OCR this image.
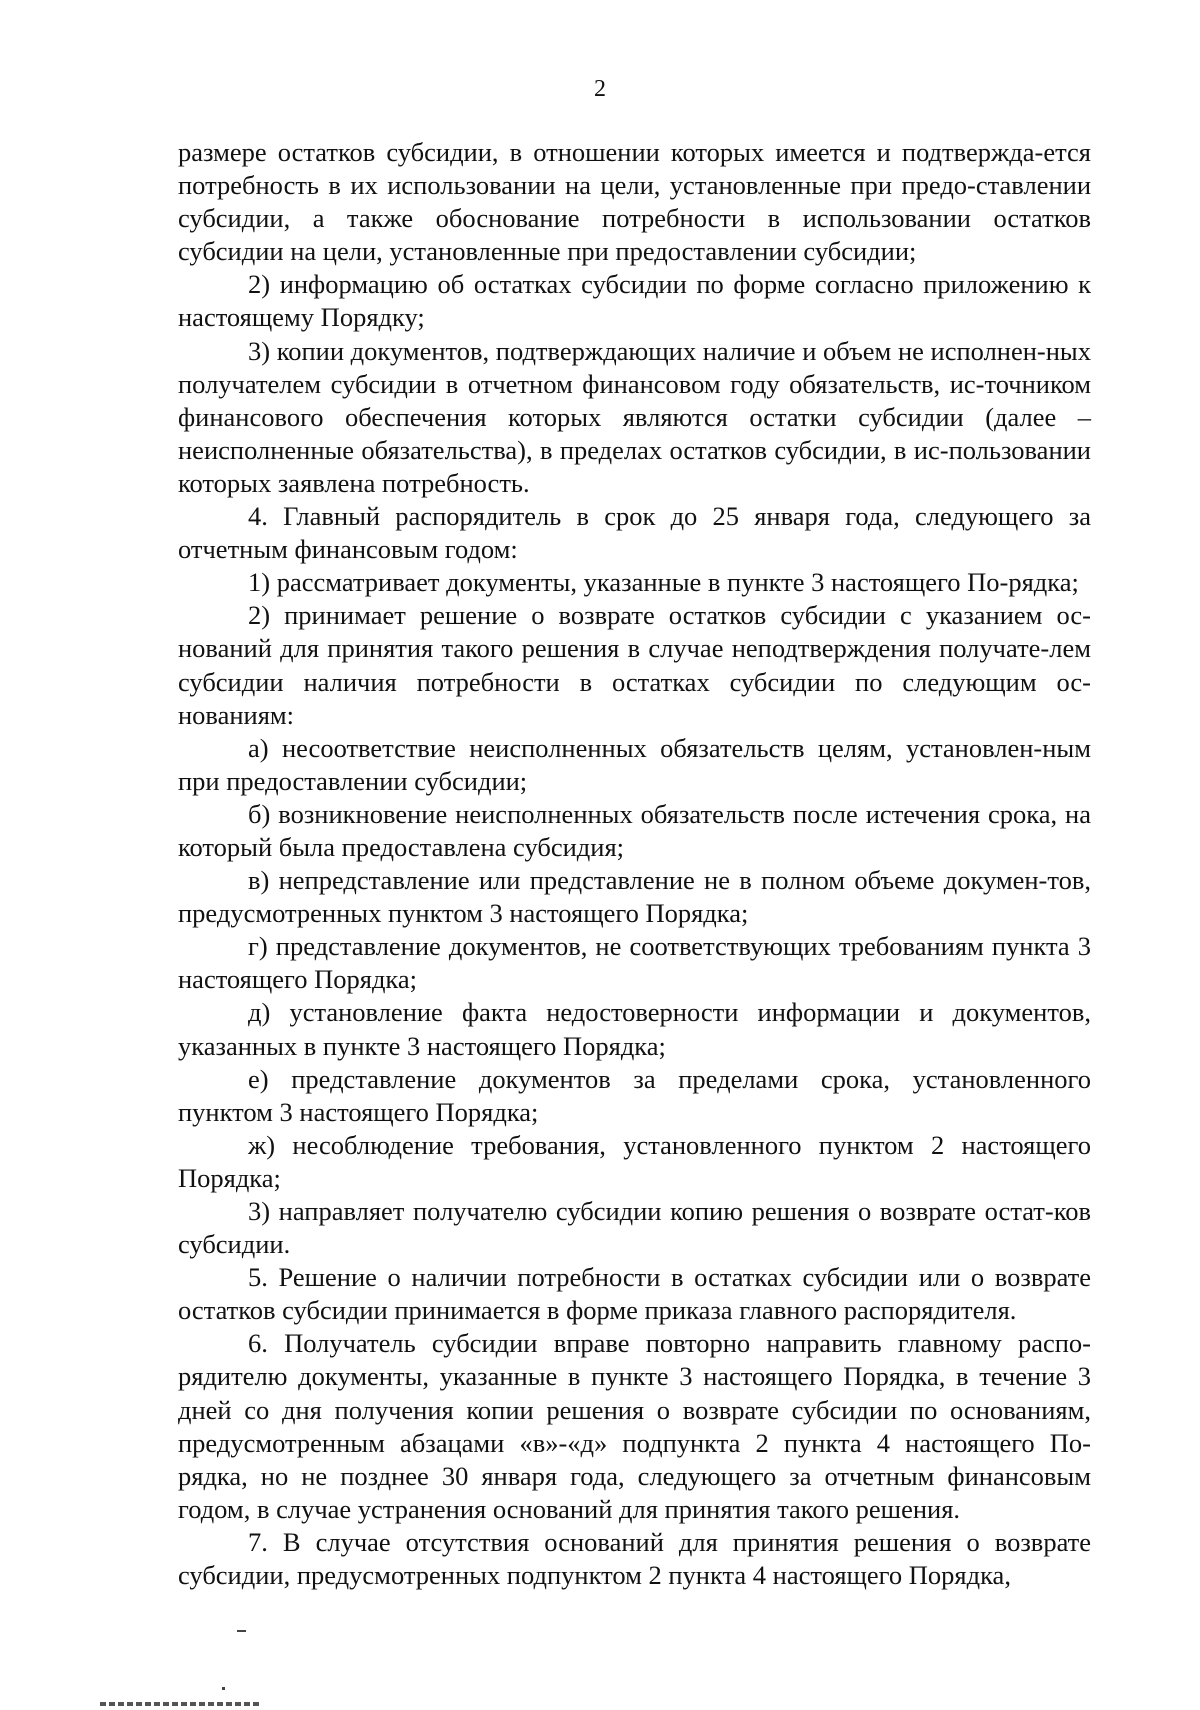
2

размере остатков субсидии, в отношении которых имеется и подтвержда-ется потребность в их использовании на цели, установленные при предо-ставлении субсидии, а также обоснование потребности в использовании остатков субсидии на цели, установленные при предоставлении субсидии;

2) информацию об остатках субсидии по форме согласно приложению к настоящему Порядку;

3) копии документов, подтверждающих наличие и объем не исполнен-ных получателем субсидии в отчетном финансовом году обязательств, ис-точником финансового обеспечения которых являются остатки субсидии (далее – неисполненные обязательства), в пределах остатков субсидии, в ис-пользовании которых заявлена потребность.

4. Главный распорядитель в срок до 25 января года, следующего за отчетным финансовым годом:

1) рассматривает документы, указанные в пункте 3 настоящего По-рядка;

2) принимает решение о возврате остатков субсидии с указанием ос-нований для принятия такого решения в случае неподтверждения получате-лем субсидии наличия потребности в остатках субсидии по следующим ос-нованиям:

а) несоответствие неисполненных обязательств целям, установлен-ным при предоставлении субсидии;

б) возникновение неисполненных обязательств после истечения срока, на который была предоставлена субсидия;

в) непредставление или представление не в полном объеме докумен-тов, предусмотренных пунктом 3 настоящего Порядка;

г) представление документов, не соответствующих требованиям пункта 3 настоящего Порядка;

д) установление факта недостоверности информации и документов, указанных в пункте 3 настоящего Порядка;

е) представление документов за пределами срока, установленного пунктом 3 настоящего Порядка;

ж) несоблюдение требования, установленного пунктом 2 настоящего Порядка;

3) направляет получателю субсидии копию решения о возврате остат-ков субсидии.

5. Решение о наличии потребности в остатках субсидии или о возврате остатков субсидии принимается в форме приказа главного распорядителя.

6. Получатель субсидии вправе повторно направить главному распо-рядителю документы, указанные в пункте 3 настоящего Порядка, в течение 3 дней со дня получения копии решения о возврате субсидии по основаниям, предусмотренным абзацами «в»-«д» подпункта 2 пункта 4 настоящего По-рядка, но не позднее 30 января года, следующего за отчетным финансовым годом, в случае устранения оснований для принятия такого решения.

7. В случае отсутствия оснований для принятия решения о возврате субсидии, предусмотренных подпунктом 2 пункта 4 настоящего Порядка,
